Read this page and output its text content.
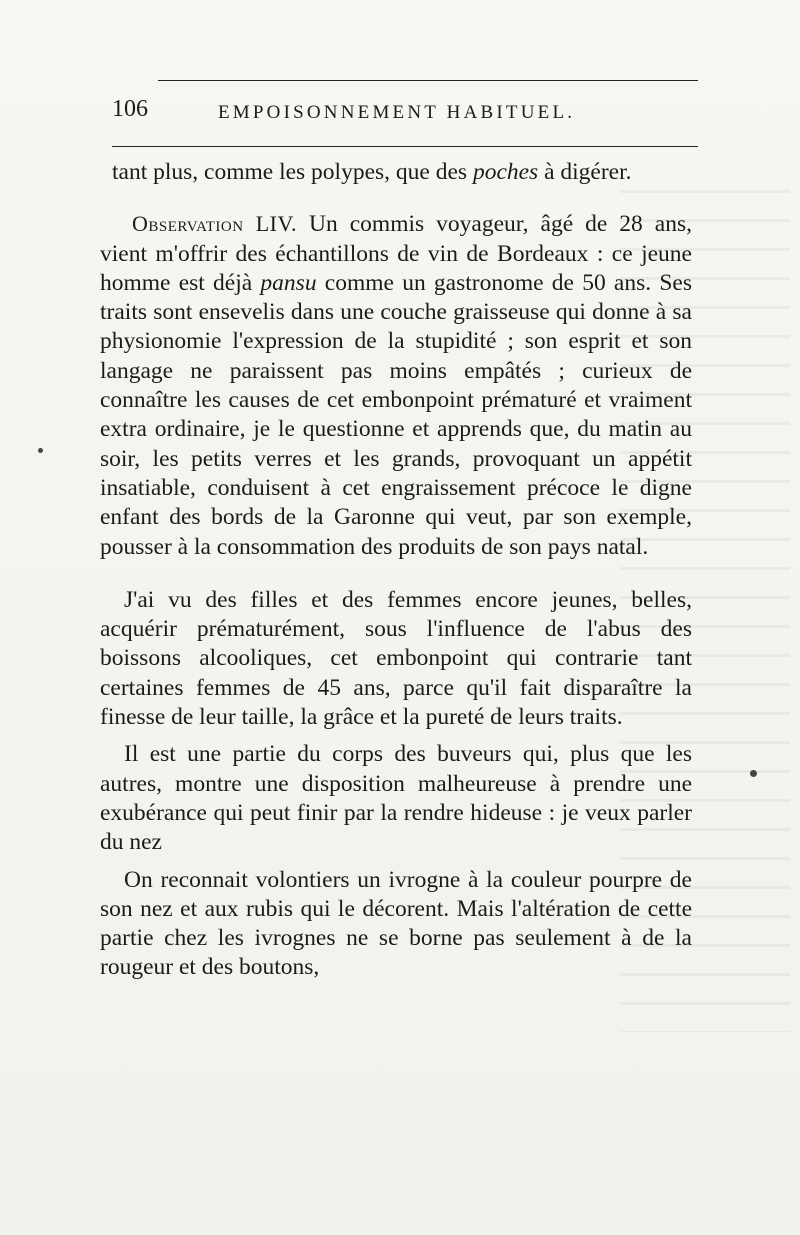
106	EMPOISONNEMENT HABITUEL.

tant plus, comme les polypes, que des poches à digérer.

Observation LIV. Un commis voyageur, âgé de 28 ans, vient m'offrir des échantillons de vin de Bordeaux : ce jeune homme est déjà pansu comme un gastronome de 50 ans. Ses traits sont ensevelis dans une couche graisseuse qui donne à sa physionomie l'expression de la stupidité ; son esprit et son langage ne paraissent pas moins empâtés ; curieux de connaître les causes de cet embonpoint prématuré et vraiment extra ordinaire, je le questionne et apprends que, du matin au soir, les petits verres et les grands, provoquant un appétit insatiable, conduisent à cet engraissement précoce le digne enfant des bords de la Garonne qui veut, par son exemple, pousser à la consommation des produits de son pays natal.

J'ai vu des filles et des femmes encore jeunes, belles, acquérir prématurément, sous l'influence de l'abus des boissons alcooliques, cet embonpoint qui contrarie tant certaines femmes de 45 ans, parce qu'il fait disparaître la finesse de leur taille, la grâce et la pureté de leurs traits.

Il est une partie du corps des buveurs qui, plus que les autres, montre une disposition malheureuse à prendre une exubérance qui peut finir par la rendre hideuse : je veux parler du nez

On reconnait volontiers un ivrogne à la couleur pourpre de son nez et aux rubis qui le décorent. Mais l'altération de cette partie chez les ivrognes ne se borne pas seulement à de la rougeur et des boutons,
